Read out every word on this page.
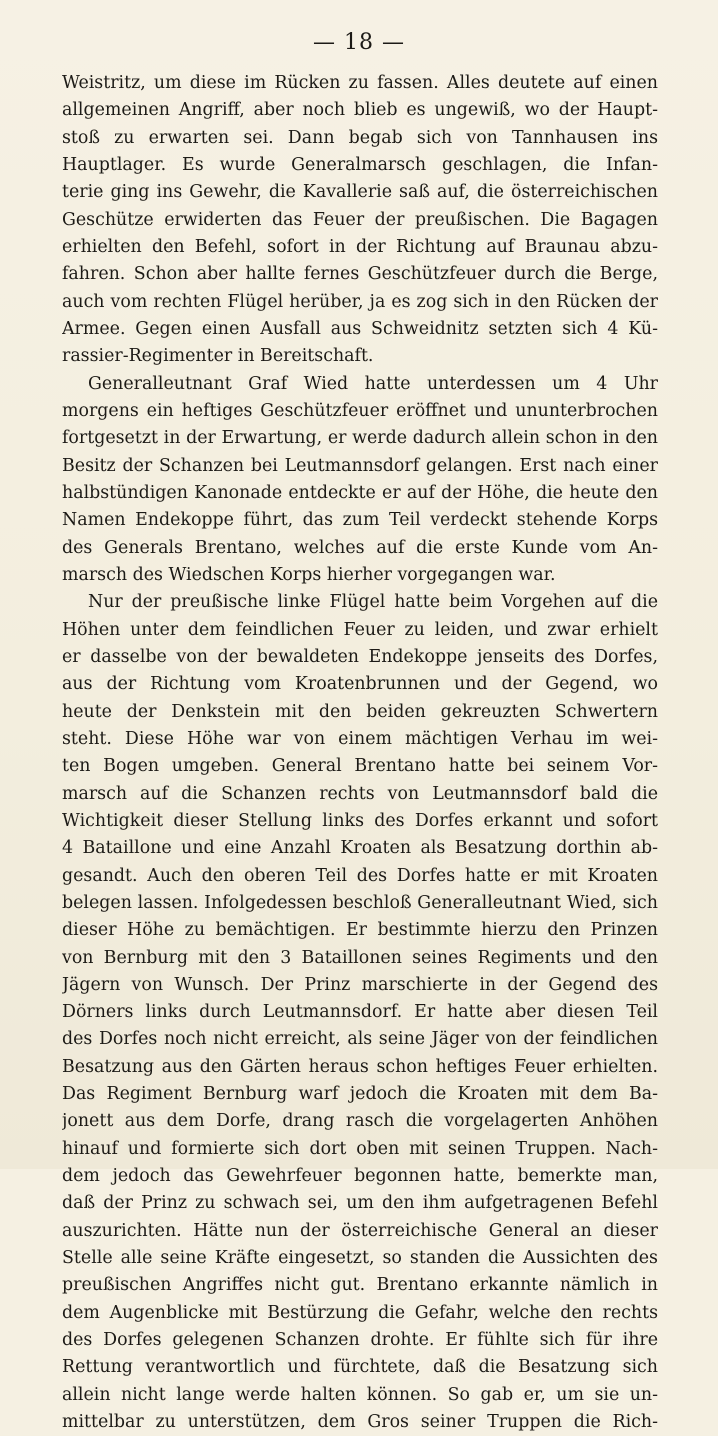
— 18 —
Weistritz, um diese im Rücken zu fassen. Alles deutete auf einen
allgemeinen Angriff, aber noch blieb es ungewiß, wo der Haupt-
stoß zu erwarten sei. Dann begab sich von Tannhausen ins
Hauptlager. Es wurde Generalmarsch geschlagen, die Infan-
terie ging ins Gewehr, die Kavallerie saß auf, die österreichischen
Geschütze erwiderten das Feuer der preußischen. Die Bagagen
erhielten den Befehl, sofort in der Richtung auf Braunau abzu-
fahren. Schon aber hallte fernes Geschützfeuer durch die Berge,
auch vom rechten Flügel herüber, ja es zog sich in den Rücken der
Armee. Gegen einen Ausfall aus Schweidnitz setzten sich 4 Kü-
rassier-Regimenter in Bereitschaft.
Generalleutnant Graf Wied hatte unterdessen um 4 Uhr
morgens ein heftiges Geschützfeuer eröffnet und ununterbrochen
fortgesetzt in der Erwartung, er werde dadurch allein schon in den
Besitz der Schanzen bei Leutmannsdorf gelangen. Erst nach einer
halbstündigen Kanonade entdeckte er auf der Höhe, die heute den
Namen Endekoppe führt, das zum Teil verdeckt stehende Korps
des Generals Brentano, welches auf die erste Kunde vom An-
marsch des Wiedschen Korps hierher vorgegangen war.
Nur der preußische linke Flügel hatte beim Vorgehen auf die
Höhen unter dem feindlichen Feuer zu leiden, und zwar erhielt
er dasselbe von der bewaldeten Endekoppe jenseits des Dorfes,
aus der Richtung vom Kroatenbrunnen und der Gegend, wo
heute der Denkstein mit den beiden gekreuzten Schwertern
steht. Diese Höhe war von einem mächtigen Verhau im wei-
ten Bogen umgeben. General Brentano hatte bei seinem Vor-
marsch auf die Schanzen rechts von Leutmannsdorf bald die
Wichtigkeit dieser Stellung links des Dorfes erkannt und sofort
4 Bataillone und eine Anzahl Kroaten als Besatzung dorthin ab-
gesandt. Auch den oberen Teil des Dorfes hatte er mit Kroaten
belegen lassen. Infolgedessen beschloß Generalleutnant Wied, sich
dieser Höhe zu bemächtigen. Er bestimmte hierzu den Prinzen
von Bernburg mit den 3 Bataillonen seines Regiments und den
Jägern von Wunsch. Der Prinz marschierte in der Gegend des
Dörners links durch Leutmannsdorf. Er hatte aber diesen Teil
des Dorfes noch nicht erreicht, als seine Jäger von der feindlichen
Besatzung aus den Gärten heraus schon heftiges Feuer erhielten.
Das Regiment Bernburg warf jedoch die Kroaten mit dem Ba-
jonett aus dem Dorfe, drang rasch die vorgelagerten Anhöhen
hinauf und formierte sich dort oben mit seinen Truppen. Nach-
dem jedoch das Gewehrfeuer begonnen hatte, bemerkte man,
daß der Prinz zu schwach sei, um den ihm aufgetragenen Befehl
auszurichten. Hätte nun der österreichische General an dieser
Stelle alle seine Kräfte eingesetzt, so standen die Aussichten des
preußischen Angriffes nicht gut. Brentano erkannte nämlich in
dem Augenblicke mit Bestürzung die Gefahr, welche den rechts
des Dorfes gelegenen Schanzen drohte. Er fühlte sich für ihre
Rettung verantwortlich und fürchtete, daß die Besatzung sich
allein nicht lange werde halten können. So gab er, um sie un-
mittelbar zu unterstützen, dem Gros seiner Truppen die Rich-
